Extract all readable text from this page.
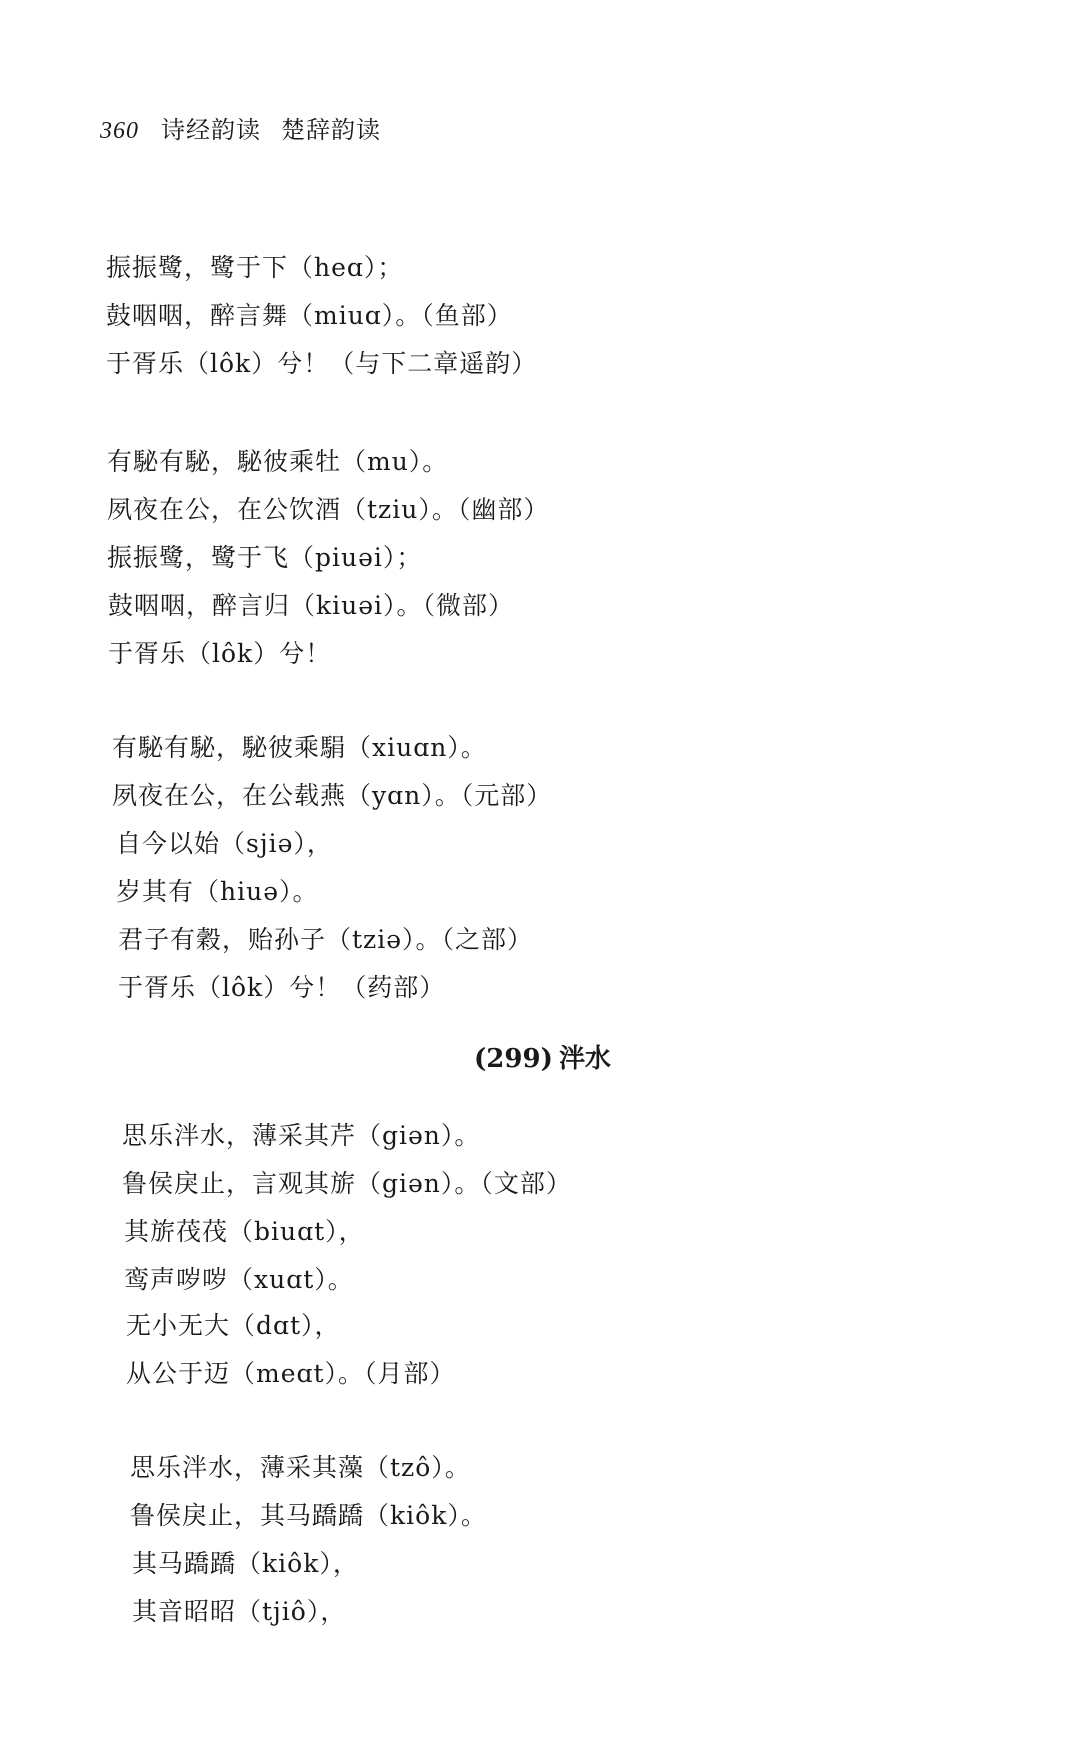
360 诗经韵读 楚辞韵读
振振鹭，鹭于下（heɑ）；
鼓咽咽，醉言舞（miuɑ）。（鱼部）
于胥乐（lôk）兮！（与下二章遥韵）
有駜有駜，駜彼乘牡（mu）。
夙夜在公，在公饮酒（tziu）。（幽部）
振振鹭，鹭于飞（piuəi）；
鼓咽咽，醉言归（kiuəi）。（微部）
于胥乐（lôk）兮！
有駜有駜，駜彼乘駽（xiuɑn）。
夙夜在公，在公载燕（yɑn）。（元部）
自今以始（sjiə），
岁其有（hiuə）。
君子有穀，贻孙子（tziə）。（之部）
于胥乐（lôk）兮！（药部）
(299) 泮水
思乐泮水，薄采其芹（giən）。
鲁侯戾止，言观其旂（giən）。（文部）
其旂茷茷（biuɑt），
鸾声哕哕（xuɑt）。
无小无大（dɑt），
从公于迈（meɑt）。（月部）
思乐泮水，薄采其藻（tzô）。
鲁侯戾止，其马蹻蹻（kiôk）。
其马蹻蹻（kiôk），
其音昭昭（tjiô），
